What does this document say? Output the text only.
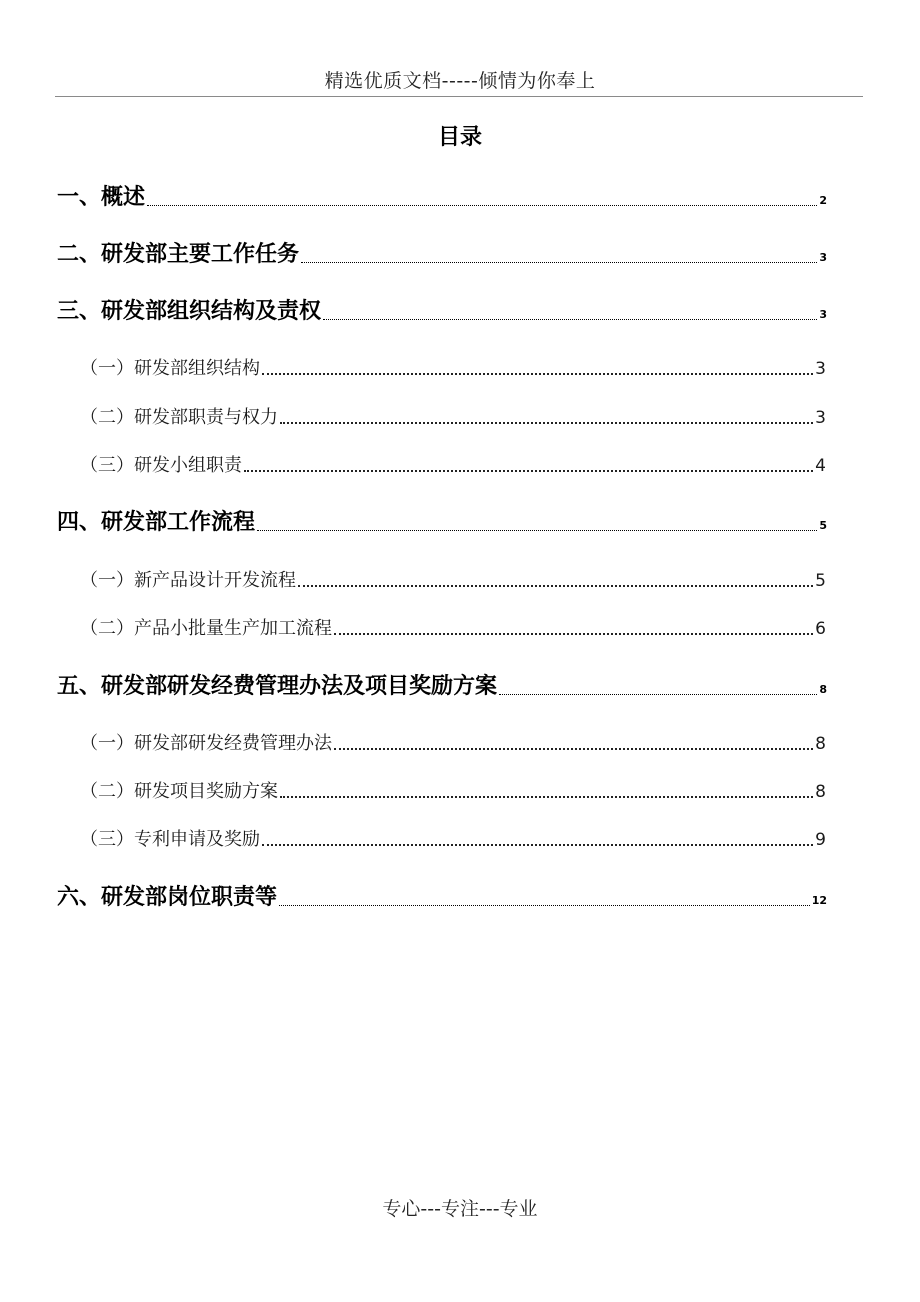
精选优质文档-----倾情为你奉上
目录
一、概述	2
二、研发部主要工作任务	3
三、研发部组织结构及责权	3
（一）研发部组织结构	3
（二）研发部职责与权力	3
（三）研发小组职责	4
四、研发部工作流程	5
（一）新产品设计开发流程	5
（二）产品小批量生产加工流程	6
五、研发部研发经费管理办法及项目奖励方案	8
（一）研发部研发经费管理办法	8
（二）研发项目奖励方案	8
（三）专利申请及奖励	9
六、研发部岗位职责等	12
专心---专注---专业
